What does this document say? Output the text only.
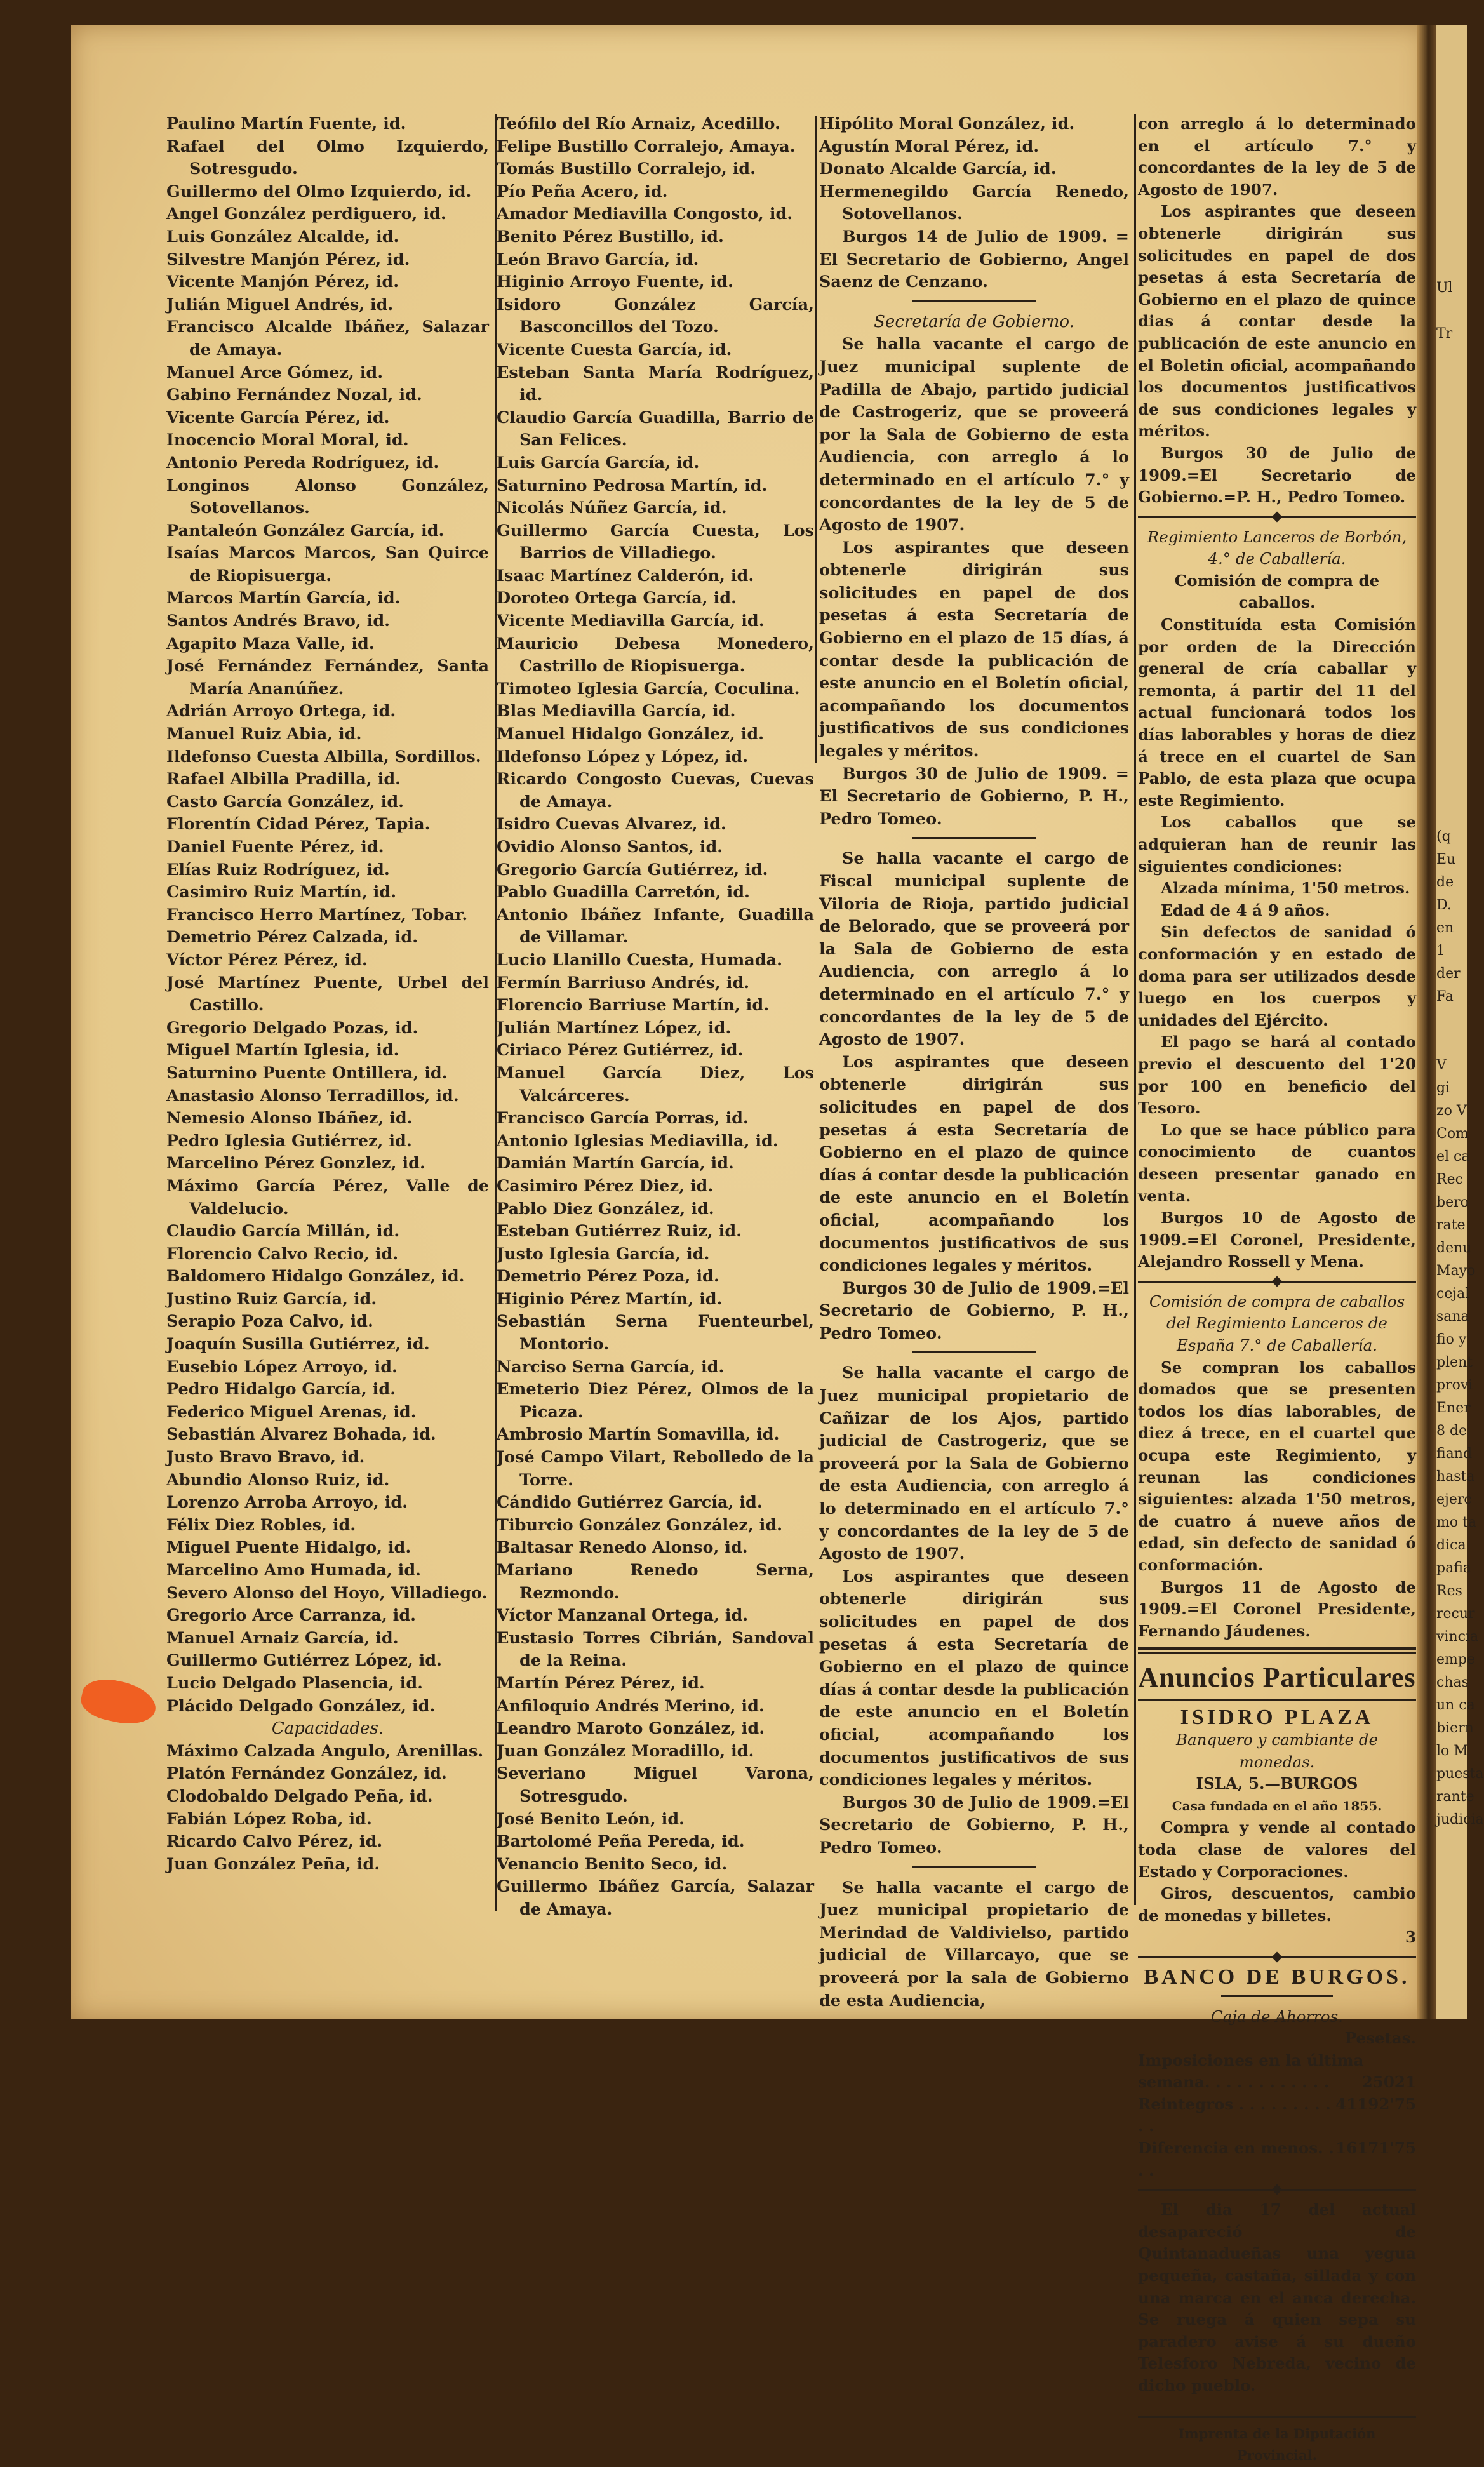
Ul

Tr

(q
Eu
de
D.
en
1
der
Fa

V
gi
zo V
Com
el ca
Rec
bero
rate
denu
Mayo
cejal
sana
fio y
plent
provi
Ener
8 de
fiand
hasta
ejerc
mo ta
dica
pafia
Res
recur
vincia
empe
chas
un ca
biern
lo M
puesta
rante
judicia
Paulino Martín Fuente, id.
Rafael del Olmo Izquierdo, Sotresgudo.
Guillermo del Olmo Izquierdo, id.
Angel González perdiguero, id.
Luis González Alcalde, id.
Silvestre Manjón Pérez, id.
Vicente Manjón Pérez, id.
Julián Miguel Andrés, id.
Francisco Alcalde Ibáñez, Salazar de Amaya.
Manuel Arce Gómez, id.
Gabino Fernández Nozal, id.
Vicente García Pérez, id.
Inocencio Moral Moral, id.
Antonio Pereda Rodríguez, id.
Longinos Alonso González, Sotovellanos.
Pantaleón González García, id.
Isaías Marcos Marcos, San Quirce de Riopisuerga.
Marcos Martín García, id.
Santos Andrés Bravo, id.
Agapito Maza Valle, id.
José Fernández Fernández, Santa María Ananúñez.
Adrián Arroyo Ortega, id.
Manuel Ruiz Abia, id.
Ildefonso Cuesta Albilla, Sordillos.
Rafael Albilla Pradilla, id.
Casto García González, id.
Florentín Cidad Pérez, Tapia.
Daniel Fuente Pérez, id.
Elías Ruiz Rodríguez, id.
Casimiro Ruiz Martín, id.
Francisco Herro Martínez, Tobar.
Demetrio Pérez Calzada, id.
Víctor Pérez Pérez, id.
José Martínez Puente, Urbel del Castillo.
Gregorio Delgado Pozas, id.
Miguel Martín Iglesia, id.
Saturnino Puente Ontillera, id.
Anastasio Alonso Terradillos, id.
Nemesio Alonso Ibáñez, id.
Pedro Iglesia Gutiérrez, id.
Marcelino Pérez Gonzlez, id.
Máximo García Pérez, Valle de Valdelucio.
Claudio García Millán, id.
Florencio Calvo Recio, id.
Baldomero Hidalgo González, id.
Justino Ruiz García, id.
Serapio Poza Calvo, id.
Joaquín Susilla Gutiérrez, id.
Eusebio López Arroyo, id.
Pedro Hidalgo García, id.
Federico Miguel Arenas, id.
Sebastián Alvarez Bohada, id.
Justo Bravo Bravo, id.
Abundio Alonso Ruiz, id.
Lorenzo Arroba Arroyo, id.
Félix Diez Robles, id.
Miguel Puente Hidalgo, id.
Marcelino Amo Humada, id.
Severo Alonso del Hoyo, Villadiego.
Gregorio Arce Carranza, id.
Manuel Arnaiz García, id.
Guillermo Gutiérrez López, id.
Lucio Delgado Plasencia, id.
Plácido Delgado González, id.
Capacidades.
Máximo Calzada Angulo, Arenillas.
Platón Fernández González, id.
Clodobaldo Delgado Peña, id.
Fabián López Roba, id.
Ricardo Calvo Pérez, id.
Juan González Peña, id.
Teófilo del Río Arnaiz, Acedillo.
Felipe Bustillo Corralejo, Amaya.
Tomás Bustillo Corralejo, id.
Pío Peña Acero, id.
Amador Mediavilla Congosto, id.
Benito Pérez Bustillo, id.
León Bravo García, id.
Higinio Arroyo Fuente, id.
Isidoro González García, Basconcillos del Tozo.
Vicente Cuesta García, id.
Esteban Santa María Rodríguez, id.
Claudio García Guadilla, Barrio de San Felices.
Luis García García, id.
Saturnino Pedrosa Martín, id.
Nicolás Núñez García, id.
Guillermo García Cuesta, Los Barrios de Villadiego.
Isaac Martínez Calderón, id.
Doroteo Ortega García, id.
Vicente Mediavilla García, id.
Mauricio Debesa Monedero, Castrillo de Riopisuerga.
Timoteo Iglesia García, Coculina.
Blas Mediavilla García, id.
Manuel Hidalgo González, id.
Ildefonso López y López, id.
Ricardo Congosto Cuevas, Cuevas de Amaya.
Isidro Cuevas Alvarez, id.
Ovidio Alonso Santos, id.
Gregorio García Gutiérrez, id.
Pablo Guadilla Carretón, id.
Antonio Ibáñez Infante, Guadilla de Villamar.
Lucio Llanillo Cuesta, Humada.
Fermín Barriuso Andrés, id.
Florencio Barriuse Martín, id.
Julián Martínez López, id.
Ciriaco Pérez Gutiérrez, id.
Manuel García Diez, Los Valcárceres.
Francisco García Porras, id.
Antonio Iglesias Mediavilla, id.
Damián Martín García, id.
Casimiro Pérez Diez, id.
Pablo Diez González, id.
Esteban Gutiérrez Ruiz, id.
Justo Iglesia García, id.
Demetrio Pérez Poza, id.
Higinio Pérez Martín, id.
Sebastián Serna Fuenteurbel, Montorio.
Narciso Serna García, id.
Emeterio Diez Pérez, Olmos de la Picaza.
Ambrosio Martín Somavilla, id.
José Campo Vilart, Rebolledo de la Torre.
Cándido Gutiérrez García, id.
Tiburcio González González, id.
Baltasar Renedo Alonso, id.
Mariano Renedo Serna, Rezmondo.
Víctor Manzanal Ortega, id.
Eustasio Torres Cibrián, Sandoval de la Reina.
Martín Pérez Pérez, id.
Anfiloquio Andrés Merino, id.
Leandro Maroto González, id.
Juan González Moradillo, id.
Severiano Miguel Varona, Sotresgudo.
José Benito León, id.
Bartolomé Peña Pereda, id.
Venancio Benito Seco, id.
Guillermo Ibáñez García, Salazar de Amaya.
Hipólito Moral González, id.
Agustín Moral Pérez, id.
Donato Alcalde García, id.
Hermenegildo García Renedo, Sotovellanos.
Burgos 14 de Julio de 1909. = El Secretario de Gobierno, Angel Saenz de Cenzano.
Secretaría de Gobierno.
Se halla vacante el cargo de Juez municipal suplente de Padilla de Abajo, partido judicial de Castrogeriz, que se proveerá por la Sala de Gobierno de esta Audiencia, con arreglo á lo determinado en el artículo 7.° y concordantes de la ley de 5 de Agosto de 1907.
Los aspirantes que deseen obtenerle dirigirán sus solicitudes en papel de dos pesetas á esta Secretaría de Gobierno en el plazo de 15 días, á contar desde la publicación de este anuncio en el Boletín oficial, acompañando los documentos justificativos de sus condiciones legales y méritos.
Burgos 30 de Julio de 1909. = El Secretario de Gobierno, P. H., Pedro Tomeo.
Se halla vacante el cargo de Fiscal municipal suplente de Viloria de Rioja, partido judicial de Belorado, que se proveerá por la Sala de Gobierno de esta Audiencia, con arreglo á lo determinado en el artículo 7.° y concordantes de la ley de 5 de Agosto de 1907.
Los aspirantes que deseen obtenerle dirigirán sus solicitudes en papel de dos pesetas á esta Secretaría de Gobierno en el plazo de quince días á contar desde la publicación de este anuncio en el Boletín oficial, acompañando los documentos justificativos de sus condiciones legales y méritos.
Burgos 30 de Julio de 1909.=El Secretario de Gobierno, P. H., Pedro Tomeo.
Se halla vacante el cargo de Juez municipal propietario de Cañizar de los Ajos, partido judicial de Castrogeriz, que se proveerá por la Sala de Gobierno de esta Audiencia, con arreglo á lo determinado en el artículo 7.° y concordantes de la ley de 5 de Agosto de 1907.
Los aspirantes que deseen obtenerle dirigirán sus solicitudes en papel de dos pesetas á esta Secretaría de Gobierno en el plazo de quince días á contar desde la publicación de este anuncio en el Boletín oficial, acompañando los documentos justificativos de sus condiciones legales y méritos.
Burgos 30 de Julio de 1909.=El Secretario de Gobierno, P. H., Pedro Tomeo.
Se halla vacante el cargo de Juez municipal propietario de Merindad de Valdivielso, partido judicial de Villarcayo, que se proveerá por la sala de Gobierno de esta Audiencia,
con arreglo á lo determinado en el artículo 7.° y concordantes de la ley de 5 de Agosto de 1907.
Los aspirantes que deseen obtenerle dirigirán sus solicitudes en papel de dos pesetas á esta Secretaría de Gobierno en el plazo de quince dias á contar desde la publicación de este anuncio en el Boletin oficial, acompañando los documentos justificativos de sus condiciones legales y méritos.
Burgos 30 de Julio de 1909.=El Secretario de Gobierno.=P. H., Pedro Tomeo.
Regimiento Lanceros de Borbón, 4.° de Caballería.
Comisión de compra de caballos.
Constituída esta Comisión por orden de la Dirección general de cría caballar y remonta, á partir del 11 del actual funcionará todos los días laborables y horas de diez á trece en el cuartel de San Pablo, de esta plaza que ocupa este Regimiento.
Los caballos que se adquieran han de reunir las siguientes condiciones:
Alzada mínima, 1'50 metros.
Edad de 4 á 9 años.
Sin defectos de sanidad ó conformación y en estado de doma para ser utilizados desde luego en los cuerpos y unidades del Ejército.
El pago se hará al contado previo el descuento del 1'20 por 100 en beneficio del Tesoro.
Lo que se hace público para conocimiento de cuantos deseen presentar ganado en venta.
Burgos 10 de Agosto de 1909.=El Coronel, Presidente, Alejandro Rossell y Mena.
Comisión de compra de caballos del Regimiento Lanceros de España 7.° de Caballería.
Se compran los caballos domados que se presenten todos los días laborables, de diez á trece, en el cuartel que ocupa este Regimiento, y reunan las condiciones siguientes: alzada 1'50 metros, de cuatro á nueve años de edad, sin defecto de sanidad ó conformación.
Burgos 11 de Agosto de 1909.=El Coronel Presidente, Fernando Jáudenes.
Anuncios Particulares
ISIDRO PLAZA
Banquero y cambiante de monedas.
ISLA, 5.—BURGOS
Casa fundada en el año 1855.
Compra y vende al contado toda clase de valores del Estado y Corporaciones.
Giros, descuentos, cambio de monedas y billetes.
3
BANCO DE BURGOS.
Caja de Ahorros.
Pesetas.
Imposiciones en la última
semana. . . . . . . . . . . . 25021
Reintegros . . . . . . . . . . .
41192'75
Diferencia en menos. . . .
16171'75
El dia 17 del actual desapareció de Quintanadueñas una yegua pequeña, castaña, sillada y con una marca en el anca derecha. Se ruega á quien sepa su paradero avise á su dueño Telesforo Nebreda, vecino de dicho pueblo.
Imprenta de la Diputación Provincial.
